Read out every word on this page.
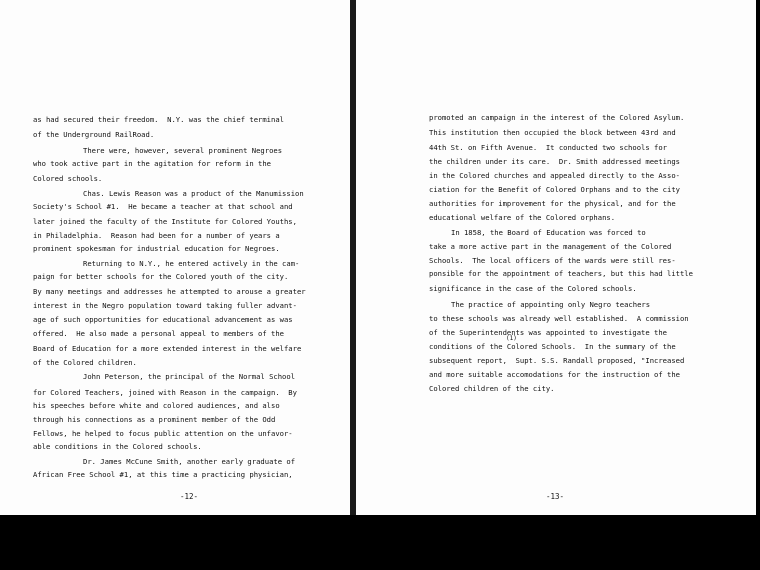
as had secured their freedom.  N.Y. was the chief terminal
of the Underground RailRoad.
There were, however, several prominent Negroes
who took active part in the agitation for reform in the
Colored schools.
Chas. Lewis Reason was a product of the Manumission
Society's School #1.  He became a teacher at that school and
later joined the faculty of the Institute for Colored Youths,
in Philadelphia.  Reason had been for a number of years a
prominent spokesman for industrial education for Negroes.
Returning to N.Y., he entered actively in the cam-
paign for better schools for the Colored youth of the city.
By many meetings and addresses he attempted to arouse a greater
interest in the Negro population toward taking fuller advant-
age of such opportunities for educational advancement as was
offered.  He also made a personal appeal to members of the
Board of Education for a more extended interest in the welfare
of the Colored children.
John Peterson, the principal of the Normal School
for Colored Teachers, joined with Reason in the campaign.  By
his speeches before white and colored audiences, and also
through his connections as a prominent member of the Odd
Fellows, he helped to focus public attention on the unfavor-
able conditions in the Colored schools.
Dr. James McCune Smith, another early graduate of
African Free School #1, at this time a practicing physician,
-12-
promoted an campaign in the interest of the Colored Asylum.
This institution then occupied the block between 43rd and
44th St. on Fifth Avenue.  It conducted two schools for
the children under its care.  Dr. Smith addressed meetings
in the Colored churches and appealed directly to the Asso-
ciation for the Benefit of Colored Orphans and to the city
authorities for improvement for the physical, and for the
educational welfare of the Colored orphans.
In 1858, the Board of Education was forced to
take a more active part in the management of the Colored
Schools.  The local officers of the wards were still res-
ponsible for the appointment of teachers, but this had little
significance in the case of the Colored schools.
The practice of appointing only Negro teachers
to these schools was already well established.  A commission
of the Superintendents was appointed to investigate the
conditions of the Colored Schools.  In the summary of the
subsequent report,  Supt. S.S. Randall proposed, "Increased
and more suitable accomodations for the instruction of the
Colored children of the city.
-13-
(1)
